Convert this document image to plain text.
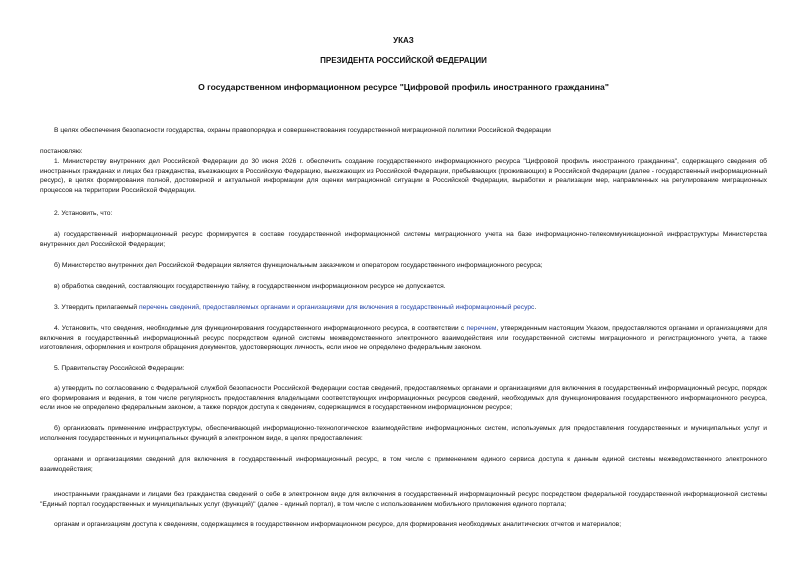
УКАЗ
ПРЕЗИДЕНТА РОССИЙСКОЙ ФЕДЕРАЦИИ
О государственном информационном ресурсе "Цифровой профиль иностранного гражданина"
В целях обеспечения безопасности государства, охраны правопорядка и совершенствования государственной миграционной политики Российской Федерации
постановляю:
1. Министерству внутренних дел Российской Федерации до 30 июня 2026 г. обеспечить создание государственного информационного ресурса "Цифровой профиль иностранного гражданина", содержащего сведения об иностранных гражданах и лицах без гражданства, въезжающих в Российскую Федерацию, выезжающих из Российской Федерации, пребывающих (проживающих) в Российской Федерации (далее - государственный информационный ресурс), в целях формирования полной, достоверной и актуальной информации для оценки миграционной ситуации в Российской Федерации, выработки и реализации мер, направленных на регулирование миграционных процессов на территории Российской Федерации.
2. Установить, что:
а) государственный информационный ресурс формируется в составе государственной информационной системы миграционного учета на базе информационно-телекоммуникационной инфраструктуры Министерства внутренних дел Российской Федерации;
б) Министерство внутренних дел Российской Федерации является функциональным заказчиком и оператором государственного информационного ресурса;
в) обработка сведений, составляющих государственную тайну, в государственном информационном ресурсе не допускается.
3. Утвердить прилагаемый перечень сведений, предоставляемых органами и организациями для включения в государственный информационный ресурс.
4. Установить, что сведения, необходимые для функционирования государственного информационного ресурса, в соответствии с перечнем, утвержденным настоящим Указом, предоставляются органами и организациями для включения в государственный информационный ресурс посредством единой системы межведомственного электронного взаимодействия или государственной системы миграционного и регистрационного учета, а также изготовления, оформления и контроля обращения документов, удостоверяющих личность, если иное не определено федеральным законом.
5. Правительству Российской Федерации:
а) утвердить по согласованию с Федеральной службой безопасности Российской Федерации состав сведений, предоставляемых органами и организациями для включения в государственный информационный ресурс, порядок его формирования и ведения, в том числе регулярность предоставления владельцами соответствующих информационных ресурсов сведений, необходимых для функционирования государственного информационного ресурса, если иное не определено федеральным законом, а также порядок доступа к сведениям, содержащимся в государственном информационном ресурсе;
б) организовать применение инфраструктуры, обеспечивающей информационно-технологическое взаимодействие информационных систем, используемых для предоставления государственных и муниципальных услуг и исполнения государственных и муниципальных функций в электронном виде, в целях предоставления:
органами и организациями сведений для включения в государственный информационный ресурс, в том числе с применением единого сервиса доступа к данным единой системы межведомственного электронного взаимодействия;
иностранными гражданами и лицами без гражданства сведений о себе в электронном виде для включения в государственный информационный ресурс посредством федеральной государственной информационной системы "Единый портал государственных и муниципальных услуг (функций)" (далее - единый портал), в том числе с использованием мобильного приложения единого портала;
органам и организациям доступа к сведениям, содержащимся в государственном информационном ресурсе, для формирования необходимых аналитических отчетов и материалов;
